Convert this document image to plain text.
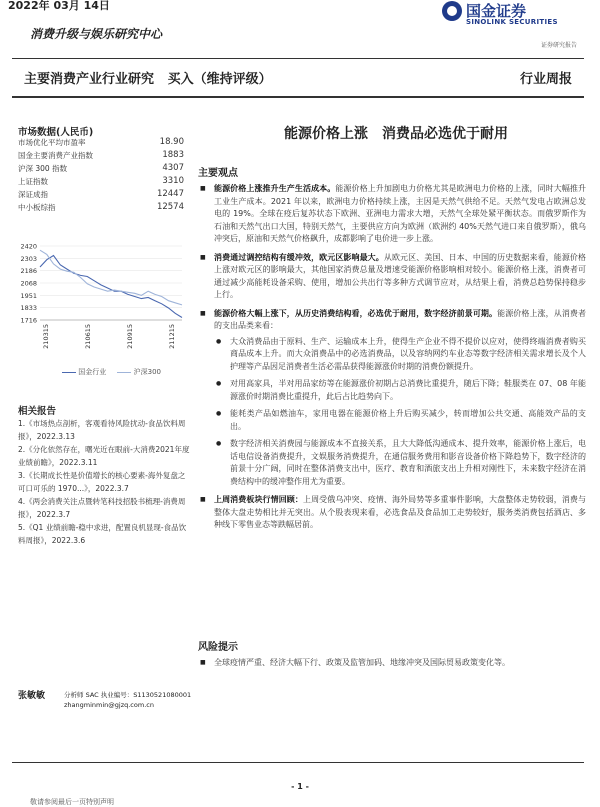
2022年 03月 14日	国金证券
SINOLINK SECURITIES
证券研究报告
消费升级与娱乐研究中心
主要消费产业行业研究 买入（维持评级）	行业周报
市场数据(人民币)
市场优化平均市盈率	18.90
国金主要消费产业指数	1883
沪深 300 指数	4307
上证指数	3310
深证成指	12447
中小板综指	12574
2420
2303
2186
2068
1951
1833
1716
210315	210615	210915	211215
国金行业	沪深300
相关报告
1.《市场热点剖析，客观看待风险扰动-食品饮料周报》，2022.3.13
2.《分化依然存在，曙光近在眼前-大消费2021年度业绩前瞻》，2022.3.11
3.《长期成长性是价值增长的核心要素-海外复盘之可口可乐的 1970...》，2022.3.7
4.《两会消费关注点暨转笔科技招股书梳理-消费周报》，2022.3.7
5.《Q1 业绩前瞻-稳中求进，配置良机显现-食品饮料周报》，2022.3.6
张敏敏	分析师 SAC 执业编号：S1130521080001
zhangminmin@gjzq.com.cn
能源价格上涨　消费品必选优于耐用
主要观点
■ 能源价格上涨推升生产生活成本。能源价格上升加剧电力价格尤其是欧洲电力价格的上涨，同时大幅推升工业生产成本。2021 年以来，欧洲电力价格持续上涨，主因是天然气供给不足。天然气发电占欧洲总发电的 19%。全球在疫后复苏状态下欧洲、亚洲电力需求大增，天然气全球处紧平衡状态。而俄罗斯作为石油和天然气出口大国，特别天然气，主要供应方向为欧洲（欧洲约 40%天然气进口来自俄罗斯），俄乌冲突后，原油和天然气价格飙升，成都影响了电价进一步上涨。
■ 消费通过调控结构有缓冲效，欧元区影响最大。从欧元区、美国、日本、中国的历史数据来看，能源价格上涨对欧元区的影响最大，其他国家消费总量及增速受能源价格影响相对较小。能源价格上涨，消费者可通过减少高能耗设备采购、使用，增加公共出行等多种方式调节应对，从结果上看，消费总趋势保持稳步上行。
■ 能源价格大幅上涨下，从历史消费结构看，必选优于耐用，数字经济前景可期。能源价格上涨，从消费者的支出品类来看：
● 大众消费品由于原料、生产、运输成本上升，使得生产企业不得不提价以应对，使得终端消费者购买商品成本上升。而大众消费品中的必选消费品，以及容纳网约车业态等数字经济相关需求增长及个人护理等产品因足消费者生活必需品获得能源涨价时期的消费份额提升。
● 对用高家具，半对用品家纺等在能源涨价初期占总消费比重提升，随后下降；鞋服类在 07、08 年能源涨价时期消费比重提升，此后占比趋势向下。
● 能耗类产品如燃油车，家用电器在能源价格上升后购买减少，转而增加公共交通、高能效产品的支出。
● 数字经济相关消费园与能源成本不直接关系，且大大降低沟通成本、提升效率，能源价格上涨后，电话电信设备消费提升，文娱服务消费提升，在通信服务费用和影音设备价格下降趋势下，数字经济的前景十分广阔，同时在整体消费支出中，医疗、教育和酒旅支出上升相对刚性下，未来数字经济在消费结构中的缓冲整作用尤为重要。
■ 上周消费板块行情回顾：上周受俄乌冲突、疫情、海外局势等多重事件影响，大盘整体走势较弱，消费与整体大盘走势相比并无突出。从个股表现来看，必选食品及食品加工走势较好，服务类消费包括酒店、多种线下零售业态等跌幅居前。
风险提示
■ 全球疫情严重、经济大幅下行、政策及监管加码、地缘冲突及国际贸易政策变化等。
- 1 -
敬请参阅最后一页特别声明
